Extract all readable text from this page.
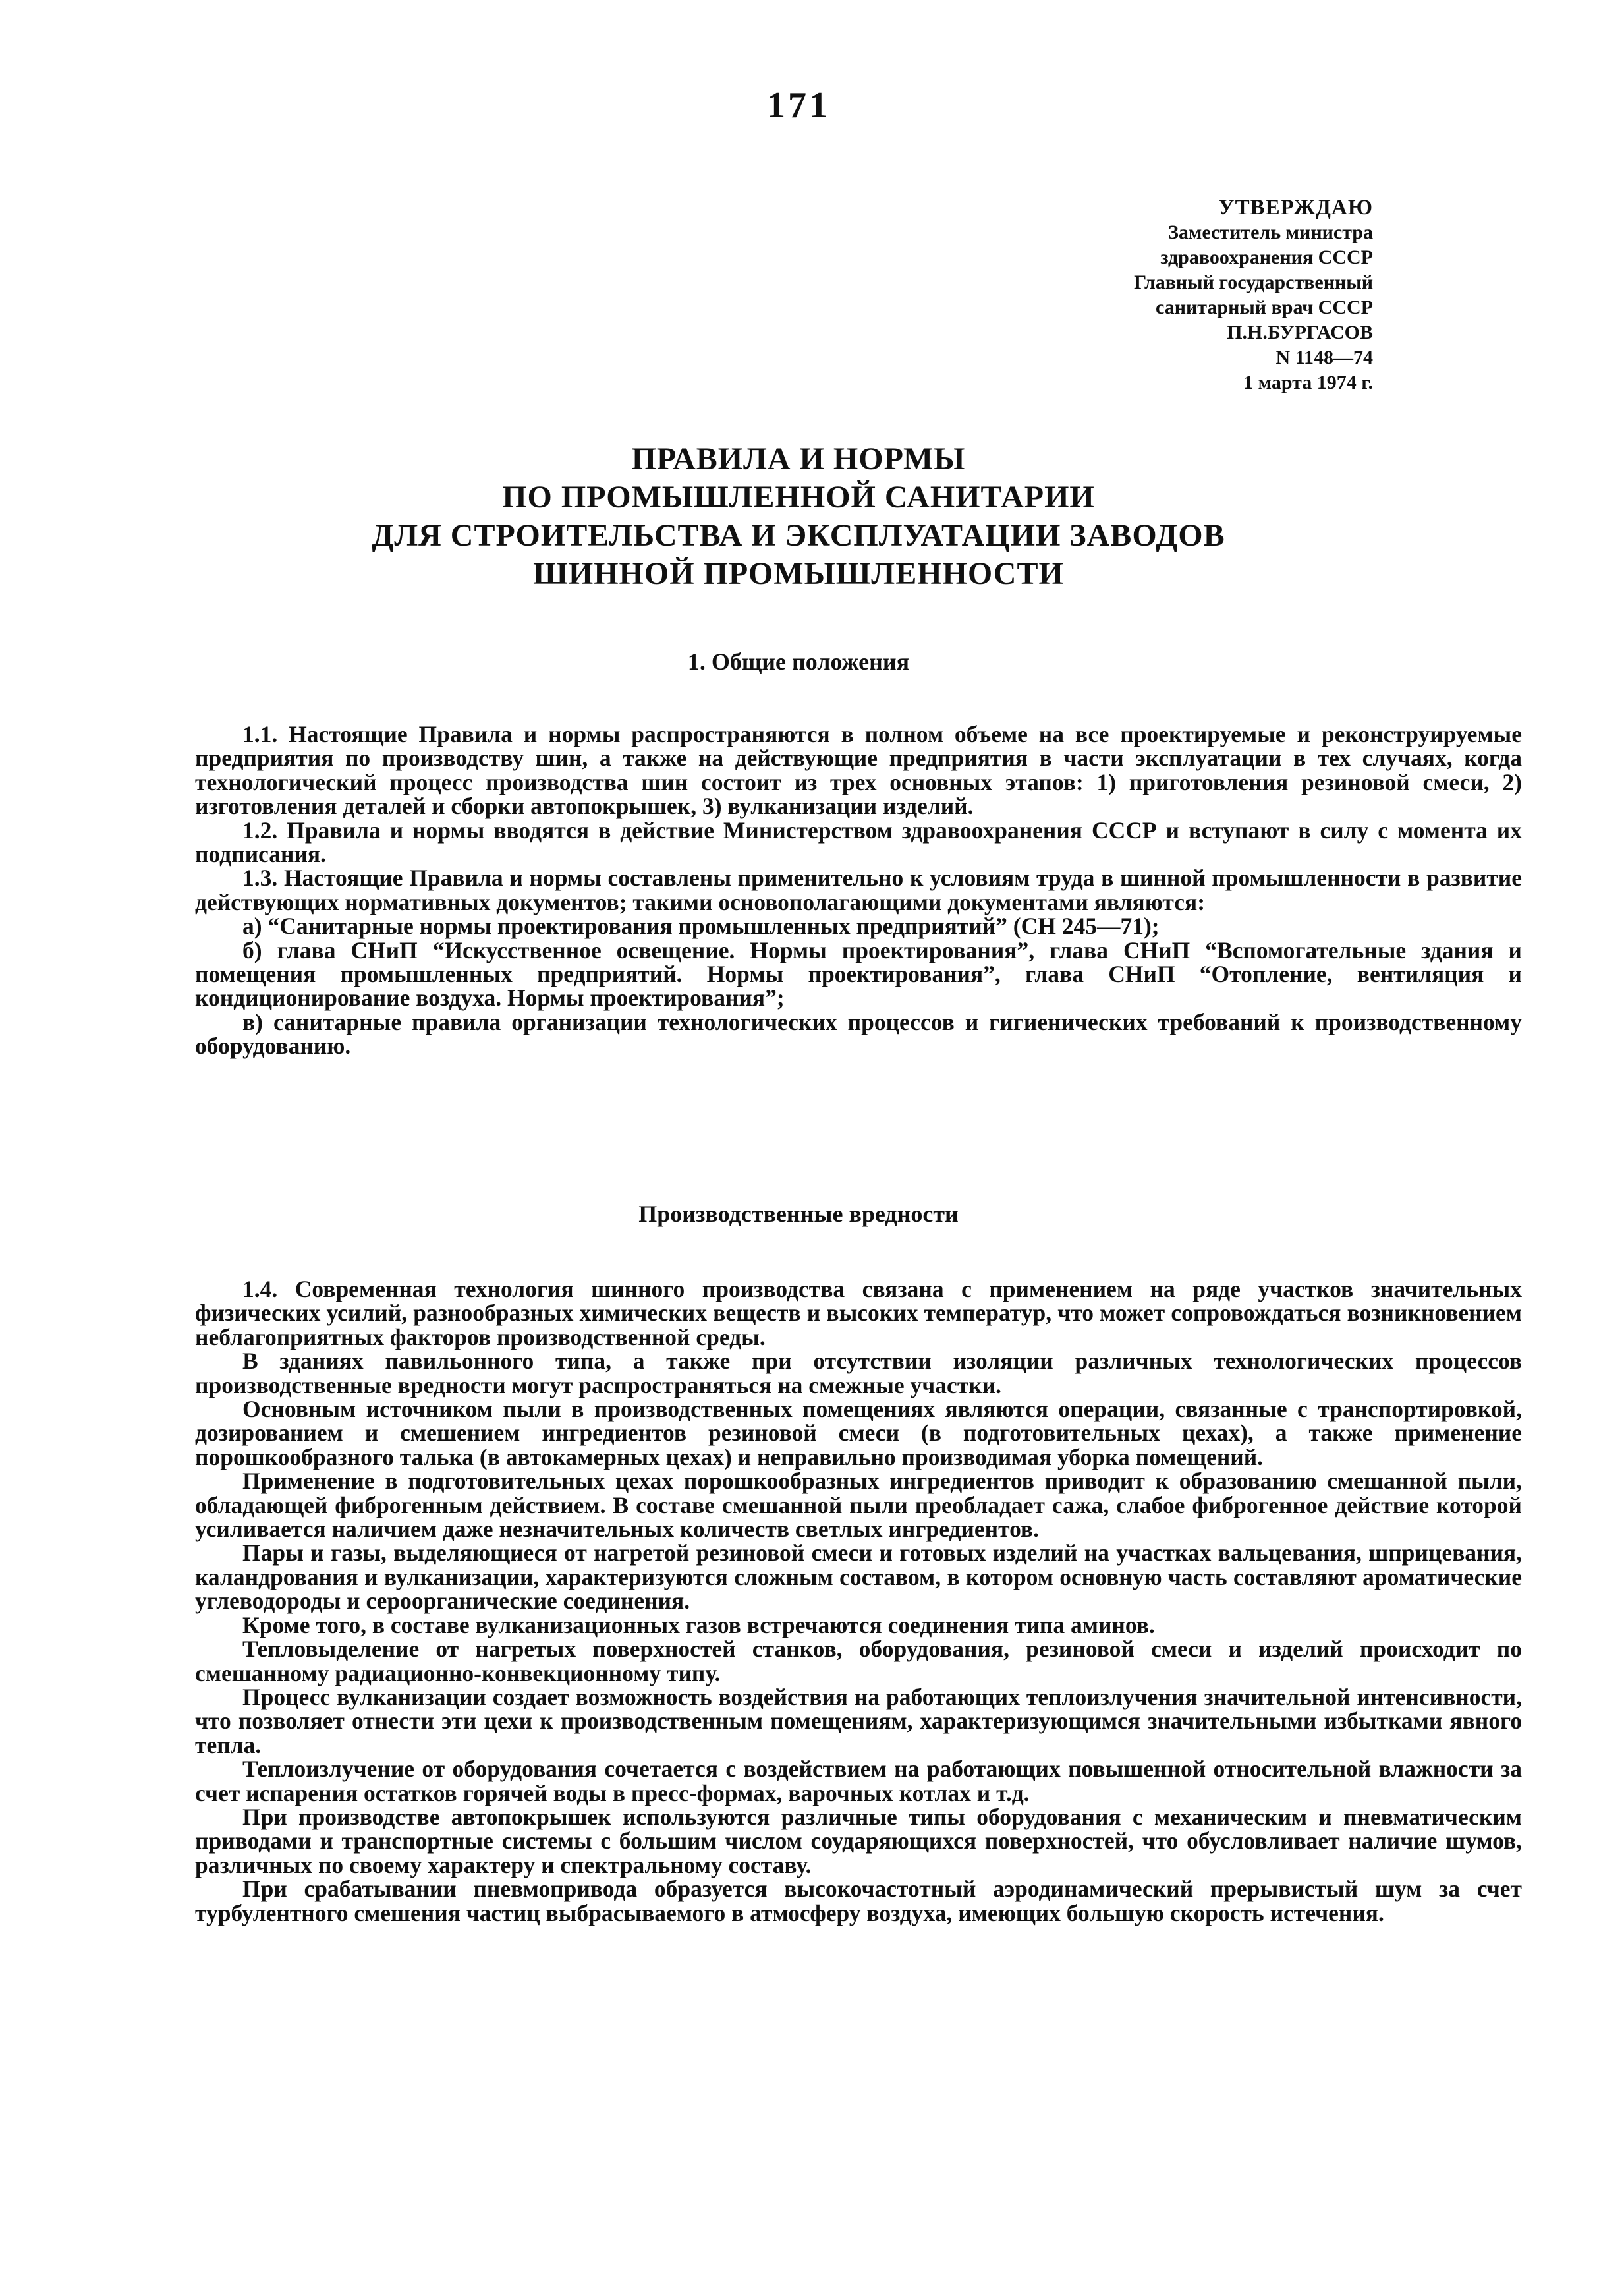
171
УТВЕРЖДАЮ
Заместитель министра
здравоохранения СССР
Главный государственный
санитарный врач СССР
П.Н.БУРГАСОВ
N 1148—74
1 марта 1974 г.
ПРАВИЛА И НОРМЫ
ПО ПРОМЫШЛЕННОЙ САНИТАРИИ
ДЛЯ СТРОИТЕЛЬСТВА И ЭКСПЛУАТАЦИИ ЗАВОДОВ
ШИННОЙ ПРОМЫШЛЕННОСТИ
1. Общие положения

1.1. Настоящие Правила и нормы распространяются в полном объеме на все проектируемые и реконструируемые предприятия по производству шин, а также на действующие предприятия в части эксплуатации в тех случаях, когда технологический процесс производства шин состоит из трех основных этапов: 1) приготовления резиновой смеси, 2) изготовления деталей и сборки автопокрышек, 3) вулканизации изделий.

1.2. Правила и нормы вводятся в действие Министерством здравоохранения СССР и вступают в силу с момента их подписания.

1.3. Настоящие Правила и нормы составлены применительно к условиям труда в шинной промышленности в развитие действующих нормативных документов; такими основополагающими документами являются:

а) “Санитарные нормы проектирования промышленных предприятий” (СН 245—71);

б) глава СНиП “Искусственное освещение. Нормы проектирования”, глава СНиП “Вспомогательные здания и помещения промышленных предприятий. Нормы проектирования”, глава СНиП “Отопление, вентиляция и кондиционирование воздуха. Нормы проектирования”;

в) санитарные правила организации технологических процессов и гигиенических требований к производственному оборудованию.

Производственные вредности

1.4. Современная технология шинного производства связана с применением на ряде участков значительных физических усилий, разнообразных химических веществ и высоких температур, что может сопровождаться возникновением неблагоприятных факторов производственной среды.

В зданиях павильонного типа, а также при отсутствии изоляции различных технологических процессов производственные вредности могут распространяться на смежные участки.

Основным источником пыли в производственных помещениях являются операции, связанные с транспортировкой, дозированием и смешением ингредиентов резиновой смеси (в подготовительных цехах), а также применение порошкообразного талька (в автокамерных цехах) и неправильно производимая уборка помещений.

Применение в подготовительных цехах порошкообразных ингредиентов приводит к образованию смешанной пыли, обладающей фиброгенным действием. В составе смешанной пыли преобладает сажа, слабое фиброгенное действие которой усиливается наличием даже незначительных количеств светлых ингредиентов.

Пары и газы, выделяющиеся от нагретой резиновой смеси и готовых изделий на участках вальцевания, шприцевания, каландрования и вулканизации, характеризуются сложным составом, в котором основную часть составляют ароматические углеводороды и сероорганические соединения.

Кроме того, в составе вулканизационных газов встречаются соединения типа аминов.

Тепловыделение от нагретых поверхностей станков, оборудования, резиновой смеси и изделий происходит по смешанному радиационно-конвекционному типу.

Процесс вулканизации создает возможность воздействия на работающих теплоизлучения значительной интенсивности, что позволяет отнести эти цехи к производственным помещениям, характеризующимся значительными избытками явного тепла.

Теплоизлучение от оборудования сочетается с воздействием на работающих повышенной относительной влажности за счет испарения остатков горячей воды в пресс-формах, варочных котлах и т.д.

При производстве автопокрышек используются различные типы оборудования с механическим и пневматическим приводами и транспортные системы с большим числом соударяющихся поверхностей, что обусловливает наличие шумов, различных по своему характеру и спектральному составу.

При срабатывании пневмопривода образуется высокочастотный аэродинамический прерывистый шум за счет турбулентного смешения частиц выбрасываемого в атмосферу воздуха, имеющих большую скорость истечения.
